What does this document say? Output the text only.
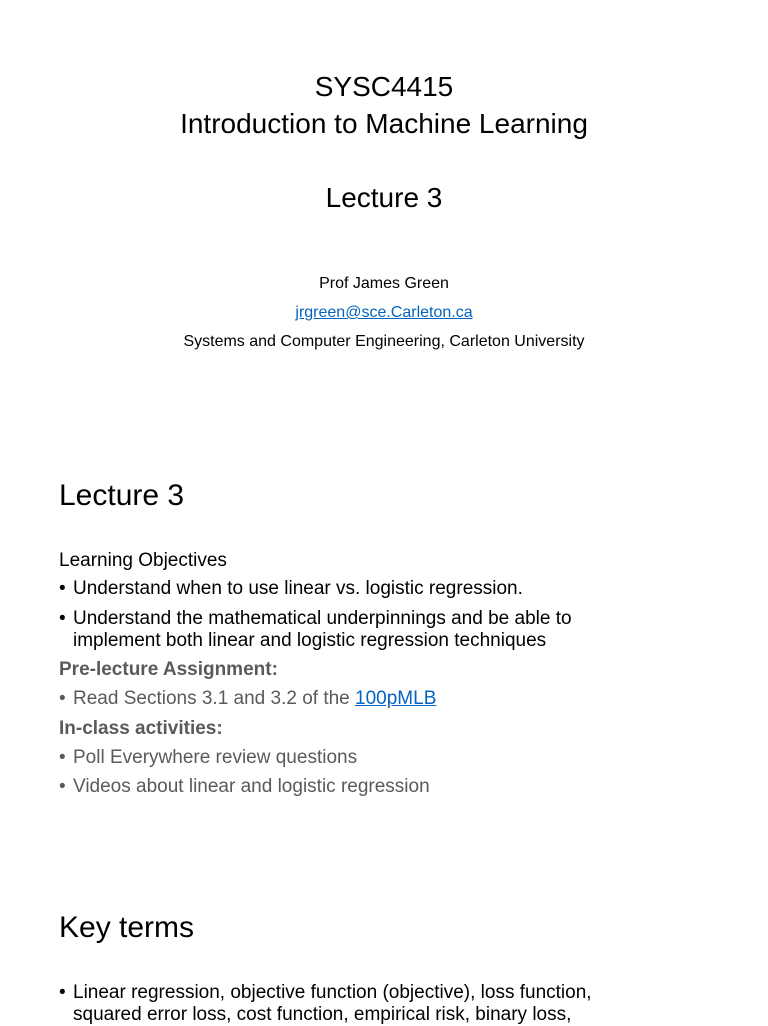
SYSC4415
Introduction to Machine Learning
Lecture 3
Prof James Green
jrgreen@sce.Carleton.ca
Systems and Computer Engineering, Carleton University
Lecture 3

Learning Objectives

• Understand when to use linear vs. logistic regression.
• Understand the mathematical underpinnings and be able to implement both linear and logistic regression techniques

Pre-lecture Assignment:

• Read Sections 3.1 and 3.2 of the 100pMLB

In-class activities:

• Poll Everywhere review questions
• Videos about linear and logistic regression
Key terms
• Linear regression, objective function (objective), loss function, squared error loss, cost function, empirical risk, binary loss,
